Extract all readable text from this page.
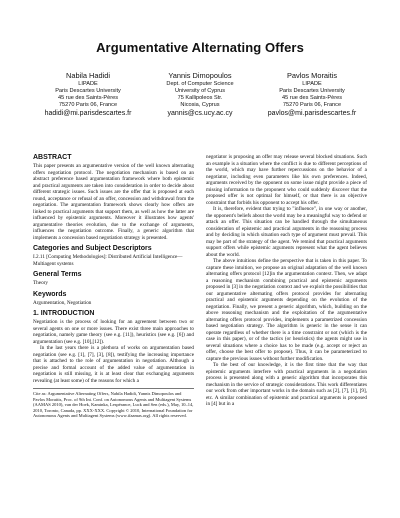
Argumentative Alternating Offers
Nabila Hadidi
LIPADE
Paris Descartes University
45 rue des Saints-Pères
75270 Paris 06, France
hadidi@mi.parisdescartes.fr
Yannis Dimopoulos
Dept. of Computer Science
University of Cyprus
75 Kallipoleos Str.
Nicosia, Cyprus
yannis@cs.ucy.ac.cy
Pavlos Moraitis
LIPADE
Paris Descartes University
45 rue des Saints-Pères
75270 Paris 06, France
pavlos@mi.parisdescartes.fr
ABSTRACT

This paper presents an argumentative version of the well known alternating offers negotiation protocol. The negotiation mechanism is based on an abstract preference based argumentation framework where both epistemic and practical arguments are taken into consideration in order to decide about different strategic issues. Such issues are the offer that is proposed at each round, acceptance or refusal of an offer, concession and withdrawal from the negotiation. The argumentation framework shows clearly how offers are linked to practical arguments that support them, as well as how the latter are influenced by epistemic arguments. Moreover it illustrates how agents' argumentative theories evolution, due to the exchange of arguments, influences the negotiation outcome. Finally, a generic algorithm that implements a concession based negotiation strategy is presented.

Categories and Subject Descriptors

I.2.11 [Computing Methodologies]: Distributed Artificial Intelligence—Multiagent systems

General Terms

Theory

Keywords

Argumentation, Negotiation

1. INTRODUCTION

Negotiation is the process of looking for an agreement between two or several agents on one or more issues. There exist three main approaches to negotiation, namely game theory (see e.g. [11]), heuristics (see e.g. [6]) and argumentation (see e.g. [10],[12]).

In the last years there is a plethora of works on argumentation based negotiation (see e.g. [1], [7], [3], [8]), testifying the increasing importance that is attached to the role of argumentation in negotiation. Although a precise and formal account of the added value of argumentation in negotiation is still missing, it is at least clear that exchanging arguments revealing (at least some) of the reasons for which a

Cite as: Argumentative Alternating Offers, Nabila Hadidi, Yannis Dimopoulos and Pavlos Moraitis, Proc. of 9th Int. Conf. on Autonomous Agents and Multiagent Systems (AAMAS 2010), van der Hoek, Kaminka, Lespérance, Luck and Sen (eds.), May, 10–14, 2010, Toronto, Canada, pp. XXX-XXX. Copyright © 2010, International Foundation for Autonomous Agents and Multiagent Systems (www.ifaamas.org). All rights reserved.

negotiator is proposing an offer may release several blocked situations. Such an example is a situation where the conflict is due to different perceptions of the world, which may have further repercussions on the behavior of a negotiator, including even parameters like his own preferences. Indeed, arguments received by the opponent on some issue might provide a piece of missing information to the proponent who could suddenly discover that the proposed offer is not optimal for himself, or that there is an objective constraint that forbids his opponent to accept his offer.

It is, therefore, evident that trying to "influence", in one way or another, the opponent's beliefs about the world may be a meaningful way to defend or attack an offer. This situation can be handled through the simultaneous consideration of epistemic and practical arguments in the reasoning process and by deciding in which situation each type of argument must prevail. This may be part of the strategy of the agent. We remind that practical arguments support offers while epistemic arguments represent what the agent believes about the world.

The above intuitions define the perspective that is taken in this paper. To capture these intuition, we propose an original adaptation of the well known alternating offers protocol [12]in the argumentation context. Then, we adapt a reasoning mechanism combining practical and epistemic arguments proposed in [3] in the negotiation context and we exploit the possibilities that our argumentative alternating offers protocol provides for alternating practical and epistemic arguments depending on the evolution of the negotiation. Finally, we present a generic algorithm, which, building on the above reasoning mechanism and the exploitation of the argumentative alternating offers protocol provides, implements a parametrized concession based negotiation strategy. The algorithm is generic in the sense it can operate regardless of whether there is a time constraint or not (which is the case in this paper), or of the tactics (or heuristics) the agents might use in several situations where a choice has to be made (e.g. accept or reject an offer, choose the best offer to propose). Thus, it can be parameterized to capture the previous issues without further modification.

To the best of our knowledge, it is the first time that the way that epistemic arguments interfere with practical arguments in a negotiation process is presented along with a generic algorithm that incorporates this mechanism in the service of strategic considerations. This work differentiates our work from other important works in the domain such as [2], [7], [1], [9], etc. A similar combination of epistemic and practical arguments is proposed in [4] but in a
